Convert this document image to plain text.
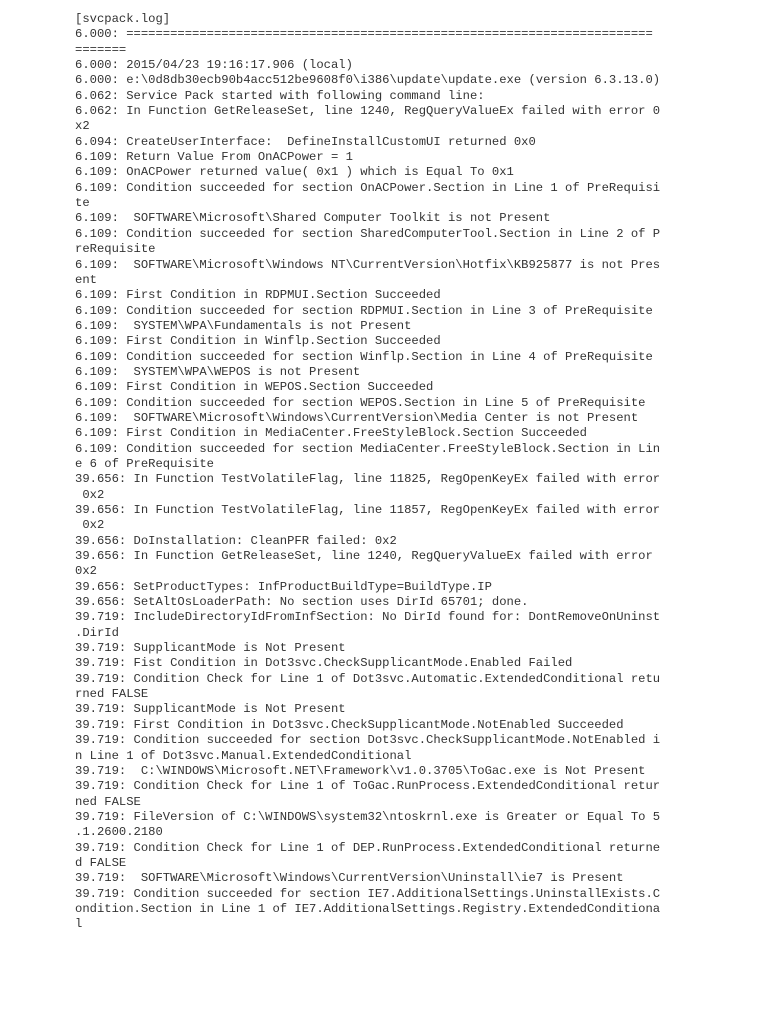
[svcpack.log]
6.000: ========================================================================
=======
6.000: 2015/04/23 19:16:17.906 (local)
6.000: e:\0d8db30ecb90b4acc512be9608f0\i386\update\update.exe (version 6.3.13.0)
6.062: Service Pack started with following command line:
6.062: In Function GetReleaseSet, line 1240, RegQueryValueEx failed with error 0
x2
6.094: CreateUserInterface:  DefineInstallCustomUI returned 0x0
6.109: Return Value From OnACPower = 1
6.109: OnACPower returned value( 0x1 ) which is Equal To 0x1
6.109: Condition succeeded for section OnACPower.Section in Line 1 of PreRequisi
te
6.109:  SOFTWARE\Microsoft\Shared Computer Toolkit is not Present
6.109: Condition succeeded for section SharedComputerTool.Section in Line 2 of P
reRequisite
6.109:  SOFTWARE\Microsoft\Windows NT\CurrentVersion\Hotfix\KB925877 is not Pres
ent
6.109: First Condition in RDPMUI.Section Succeeded
6.109: Condition succeeded for section RDPMUI.Section in Line 3 of PreRequisite
6.109:  SYSTEM\WPA\Fundamentals is not Present
6.109: First Condition in Winflp.Section Succeeded
6.109: Condition succeeded for section Winflp.Section in Line 4 of PreRequisite
6.109:  SYSTEM\WPA\WEPOS is not Present
6.109: First Condition in WEPOS.Section Succeeded
6.109: Condition succeeded for section WEPOS.Section in Line 5 of PreRequisite
6.109:  SOFTWARE\Microsoft\Windows\CurrentVersion\Media Center is not Present
6.109: First Condition in MediaCenter.FreeStyleBlock.Section Succeeded
6.109: Condition succeeded for section MediaCenter.FreeStyleBlock.Section in Lin
e 6 of PreRequisite
39.656: In Function TestVolatileFlag, line 11825, RegOpenKeyEx failed with error
0x2
39.656: In Function TestVolatileFlag, line 11857, RegOpenKeyEx failed with error
0x2
39.656: DoInstallation: CleanPFR failed: 0x2
39.656: In Function GetReleaseSet, line 1240, RegQueryValueEx failed with error
0x2
39.656: SetProductTypes: InfProductBuildType=BuildType.IP
39.656: SetAltOsLoaderPath: No section uses DirId 65701; done.
39.719: IncludeDirectoryIdFromInfSection: No DirId found for: DontRemoveOnUninst
.DirId
39.719: SupplicantMode is Not Present
39.719: Fist Condition in Dot3svc.CheckSupplicantMode.Enabled Failed
39.719: Condition Check for Line 1 of Dot3svc.Automatic.ExtendedConditional retu
rned FALSE
39.719: SupplicantMode is Not Present
39.719: First Condition in Dot3svc.CheckSupplicantMode.NotEnabled Succeeded
39.719: Condition succeeded for section Dot3svc.CheckSupplicantMode.NotEnabled i
n Line 1 of Dot3svc.Manual.ExtendedConditional
39.719:  C:\WINDOWS\Microsoft.NET\Framework\v1.0.3705\ToGac.exe is Not Present
39.719: Condition Check for Line 1 of ToGac.RunProcess.ExtendedConditional retur
ned FALSE
39.719: FileVersion of C:\WINDOWS\system32\ntoskrnl.exe is Greater or Equal To 5
.1.2600.2180
39.719: Condition Check for Line 1 of DEP.RunProcess.ExtendedConditional returne
d FALSE
39.719:  SOFTWARE\Microsoft\Windows\CurrentVersion\Uninstall\ie7 is Present
39.719: Condition succeeded for section IE7.AdditionalSettings.UninstallExists.C
ondition.Section in Line 1 of IE7.AdditionalSettings.Registry.ExtendedConditiona
l
